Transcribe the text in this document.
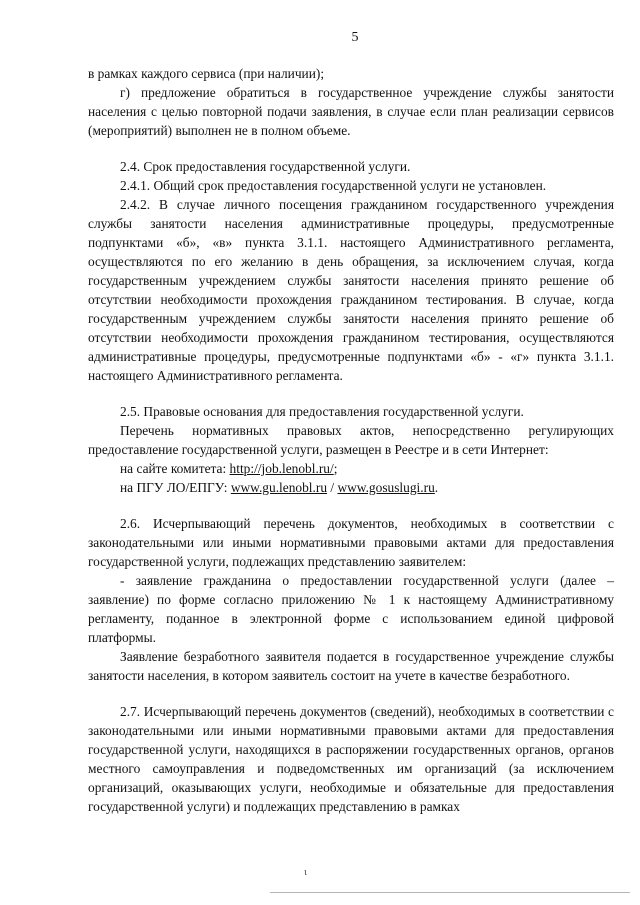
5

в рамках каждого сервиса (при наличии);

г) предложение обратиться в государственное учреждение службы занятости населения с целью повторной подачи заявления, в случае если план реализации сервисов (мероприятий) выполнен не в полном объеме.

2.4. Срок предоставления государственной услуги.

2.4.1. Общий срок предоставления государственной услуги не установлен.

2.4.2. В случае личного посещения гражданином государственного учреждения службы занятости населения административные процедуры, предусмотренные подпунктами «б», «в» пункта 3.1.1. настоящего Административного регламента, осуществляются по его желанию в день обращения, за исключением случая, когда государственным учреждением службы занятости населения принято решение об отсутствии необходимости прохождения гражданином тестирования. В случае, когда государственным учреждением службы занятости населения принято решение об отсутствии необходимости прохождения гражданином тестирования, осуществляются административные процедуры, предусмотренные подпунктами «б» - «г» пункта 3.1.1. настоящего Административного регламента.

2.5. Правовые основания для предоставления государственной услуги.

Перечень нормативных правовых актов, непосредственно регулирующих предоставление государственной услуги, размещен в Реестре и в сети Интернет:

на сайте комитета: http://job.lenobl.ru/;

на ПГУ ЛО/ЕПГУ: www.gu.lenobl.ru / www.gosuslugi.ru.

2.6. Исчерпывающий перечень документов, необходимых в соответствии с законодательными или иными нормативными правовыми актами для предоставления государственной услуги, подлежащих представлению заявителем:

- заявление гражданина о предоставлении государственной услуги (далее – заявление) по форме согласно приложению № 1 к настоящему Административному регламенту, поданное в электронной форме с использованием единой цифровой платформы.

Заявление безработного заявителя подается в государственное учреждение службы занятости населения, в котором заявитель состоит на учете в качестве безработного.

2.7. Исчерпывающий перечень документов (сведений), необходимых в соответствии с законодательными или иными нормативными правовыми актами для предоставления государственной услуги, находящихся в распоряжении государственных органов, органов местного самоуправления и подведомственных им организаций (за исключением организаций, оказывающих услуги, необходимые и обязательные для предоставления государственной услуги) и подлежащих представлению в рамках

ι
